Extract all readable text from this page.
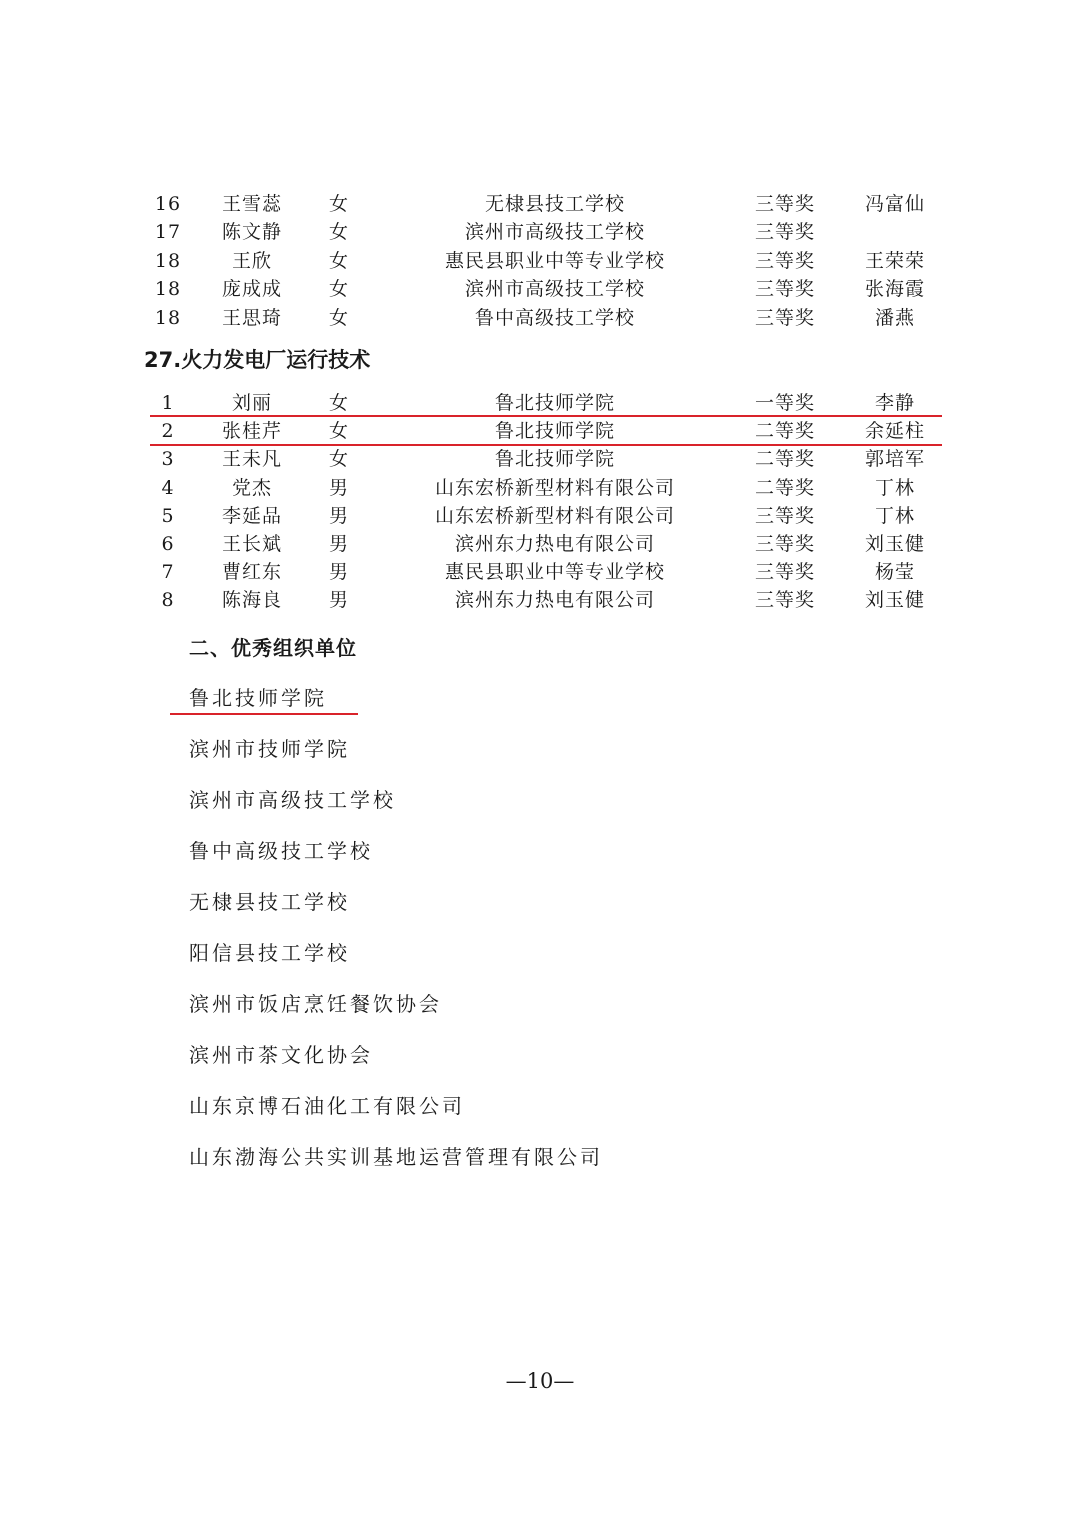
16 王雪蕊 女	无棣县技工学校	三等奖	冯富仙
17 陈文静 女	滨州市高级技工学校	三等奖
18	王欣	女	惠民县职业中等专业学校	三等奖	王荣荣
18 庞成成 女	滨州市高级技工学校	三等奖	张海霞
18 王思琦 女	鲁中高级技工学校	三等奖	潘燕
27.火力发电厂运行技术
1	刘丽	女	鲁北技师学院	一等奖	李静
2 张桂芹 女	鲁北技师学院	二等奖	余延柱
3 王未凡 女	鲁北技师学院	二等奖	郭培军
4	党杰	男	山东宏桥新型材料有限公司	二等奖	丁林
5 李延品 男	山东宏桥新型材料有限公司	三等奖	丁林
6 王长斌 男	滨州东力热电有限公司	三等奖	刘玉健
7 曹红东 男	惠民县职业中等专业学校	三等奖	杨莹
8 陈海良 男	滨州东力热电有限公司	三等奖	刘玉健
二、优秀组织单位
鲁北技师学院
滨州市技师学院
滨州市高级技工学校
鲁中高级技工学校
无棣县技工学校
阳信县技工学校
滨州市饭店烹饪餐饮协会
滨州市茶文化协会
山东京博石油化工有限公司
山东渤海公共实训基地运营管理有限公司
—10—
